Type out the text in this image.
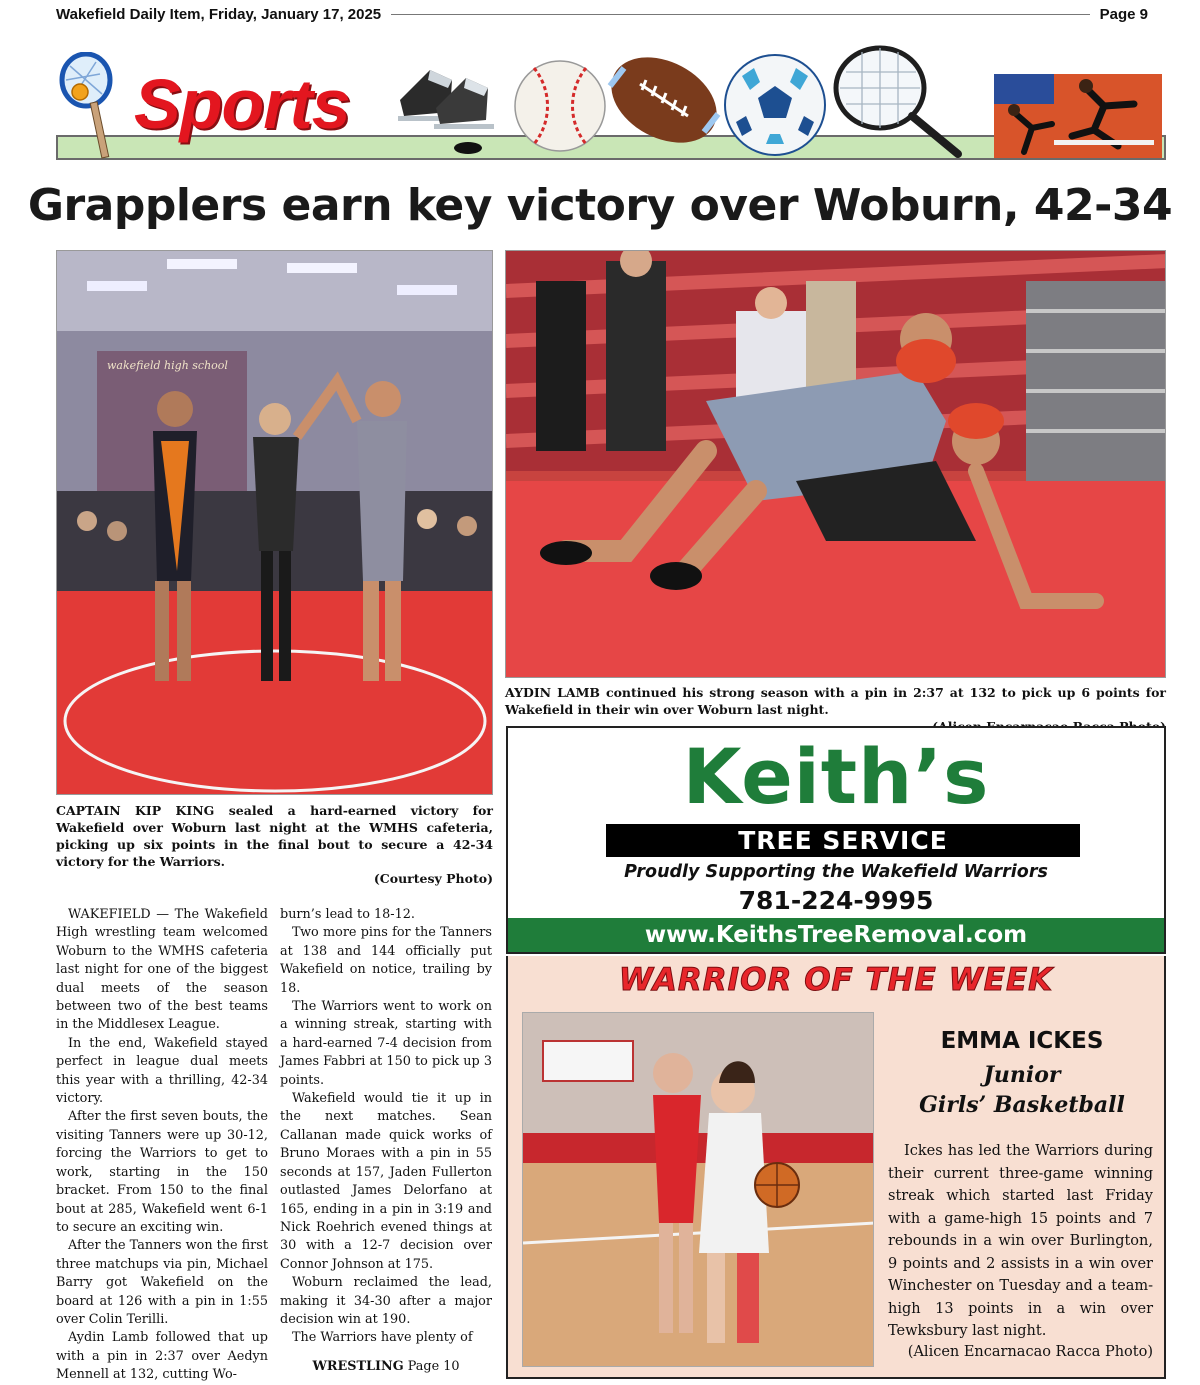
Wakefield Daily Item, Friday, January 17, 2025	Page 9
Sports
Grapplers earn key victory over Woburn, 42-34
wakefield high school
CAPTAIN KIP KING sealed a hard-earned victory for Wakefield over Woburn last night at the WMHS cafeteria, picking up six points in the final bout to secure a 42-34 victory for the Warriors.
(Courtesy Photo)
AYDIN LAMB continued his strong season with a pin in 2:37 at 132 to pick up 6 points for Wakefield in their win over Woburn last night.

WAKEFIELD — The Wakefield High wrestling team welcomed Woburn to the WMHS cafeteria last night for one of the biggest dual meets of the season between two of the best teams in the Middlesex League.

In the end, Wakefield stayed perfect in league dual meets this year with a thrilling, 42-34 victory.

After the first seven bouts, the visiting Tanners were up 30-12, forcing the Warriors to get to work, starting in the 150 bracket. From 150 to the final bout at 285, Wakefield went 6-1 to secure an exciting win.

After the Tanners won the first three matchups via pin, Michael Barry got Wakefield on the board at 126 with a pin in 1:55 over Colin Terilli.

Aydin Lamb followed that up with a pin in 2:37 over Aedyn Mennell at 132, cutting Wo-

burn’s lead to 18-12.

Two more pins for the Tanners at 138 and 144 officially put Wakefield on notice, trailing by 18.

The Warriors went to work on a winning streak, starting with a hard-earned 7-4 decision from James Fabbri at 150 to pick up 3 points.

Wakefield would tie it up in the next matches. Sean Callanan made quick works of Bruno Moraes with a pin in 55 seconds at 157, Jaden Fullerton outlasted James Delorfano at 165, ending in a pin in 3:19 and Nick Roehrich evened things at 30 with a 12-7 decision over Connor Johnson at 175.

Woburn reclaimed the lead, making it 34-30 after a major decision win at 190.

The Warriors have plenty of

WRESTLING Page 10
Keith’s
TREE SERVICE
Proudly Supporting the Wakefield Warriors
781-224-9995
www.KeithsTreeRemoval.com
WARRIOR OF THE WEEK
EMMA ICKES
Junior
Girls’ Basketball

Ickes has led the Warriors during their current three-game winning streak which started last Friday with a game-high 15 points and 7 rebounds in a win over Burlington, 9 points and 2 assists in a win over Winchester on Tuesday and a team-high 13 points in a win over Tewksbury last night.

(Alicen Encarnacao Racca Photo)
